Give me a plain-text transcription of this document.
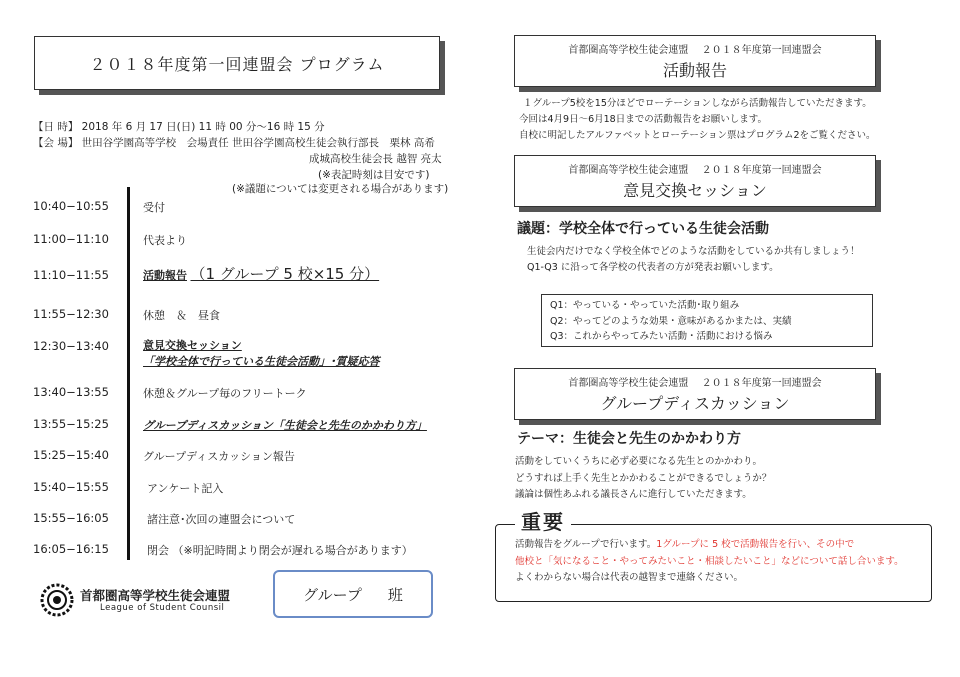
２０１８年度第一回連盟会 プログラム
【日 時】 2018 年 6 月 17 日(日) 11 時 00 分～16 時 15 分
【会 場】 世田谷学園高等学校　会場責任 世田谷学園高校生徒会執行部長　栗林 高希
成城高校生徒会長 越智 亮太
(※表記時刻は目安です)
(※議題については変更される場合があります)
10:40−10:55	受付
11:00−11:10	代表より
11:10−11:55	活動報告 （1 グループ 5 校×15 分）
11:55−12:30	休憩　＆　昼食
12:30−13:40	意見交換セッション
「学校全体で行っている生徒会活動」･質疑応答
13:40−13:55	休憩＆グループ毎のフリートーク
13:55−15:25	グループディスカッション「生徒会と先生のかかわり方」
15:25−15:40	グループディスカッション報告
15:40−15:55	アンケート記入
15:55−16:05	諸注意･次回の連盟会について
16:05−16:15	閉会 （※明記時間より閉会が遅れる場合があります）
首都圏高等学校生徒会連盟
League of Student Counsil
グループ 班
首都圏高等学校生徒会連盟　 ２０１８年度第一回連盟会
活動報告
１グループ5校を15分ほどでローテーションしながら活動報告していただきます。
今回は4月9日～6月18日までの活動報告をお願いします。
自校に明記したアルファベットとローテーション票はプログラム2をご覧ください。
首都圏高等学校生徒会連盟　 ２０１８年度第一回連盟会
意見交換セッション
議題：学校全体で行っている生徒会活動
生徒会内だけでなく学校全体でどのような活動をしているか共有しましょう！
Q1-Q3 に沿って各学校の代表者の方が発表お願いします。
Q1：やっている・やっていた活動･取り組み
Q2：やってどのような効果・意味があるかまたは、実績
Q3：これからやってみたい活動・活動における悩み
首都圏高等学校生徒会連盟　 ２０１８年度第一回連盟会
グループディスカッション
テーマ：生徒会と先生のかかわり方
活動をしていくうちに必ず必要になる先生とのかかわり。
どうすれば上手く先生とかかわることができるでしょうか？
議論は個性あふれる議長さんに進行していただきます。
重要
活動報告をグループで行います。1グループに 5 校で活動報告を行い、その中で
他校と「気になること・やってみたいこと・相談したいこと」などについて話し合います。
よくわからない場合は代表の越智まで連絡ください。
